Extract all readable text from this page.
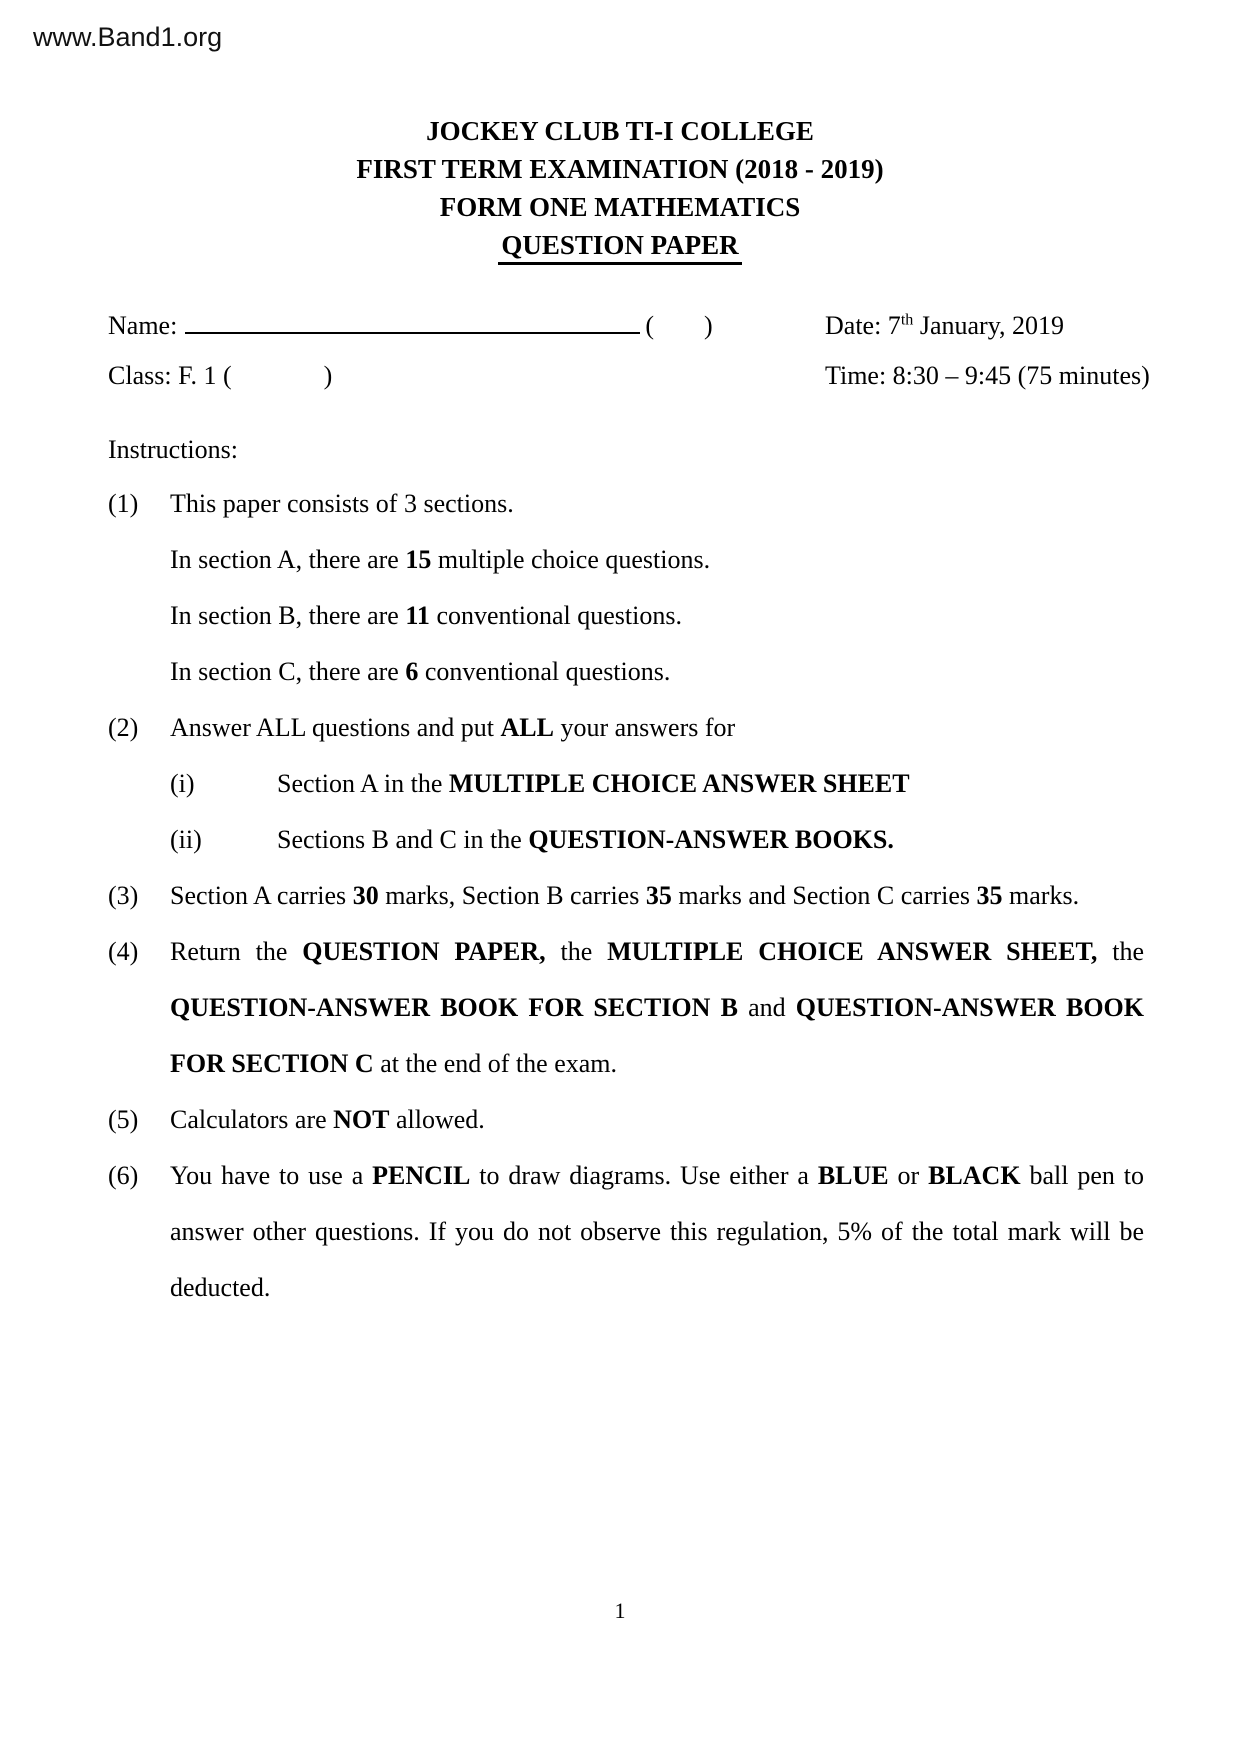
www.Band1.org
JOCKEY CLUB TI-I COLLEGE
FIRST TERM EXAMINATION (2018 - 2019)
FORM ONE MATHEMATICS
QUESTION PAPER
Name:	( )
Class: F. 1 (	)
Date: 7th January, 2019
Time: 8:30 – 9:45 (75 minutes)
Instructions:
(1)	This paper consists of 3 sections.
In section A, there are 15 multiple choice questions.
In section B, there are 11 conventional questions.
In section C, there are 6 conventional questions.
(2)	Answer ALL questions and put ALL your answers for
(i)	Section A in the MULTIPLE CHOICE ANSWER SHEET
(ii)	Sections B and C in the QUESTION-ANSWER BOOKS.
(3)	Section A carries 30 marks, Section B carries 35 marks and Section C carries 35 marks.
(4)	Return the QUESTION PAPER, the MULTIPLE CHOICE ANSWER SHEET, the QUESTION-ANSWER BOOK FOR SECTION B and QUESTION-ANSWER BOOK FOR SECTION C at the end of the exam.
(5)	Calculators are NOT allowed.
(6)	You have to use a PENCIL to draw diagrams. Use either a BLUE or BLACK ball pen to answer other questions. If you do not observe this regulation, 5% of the total mark will be deducted.
1
